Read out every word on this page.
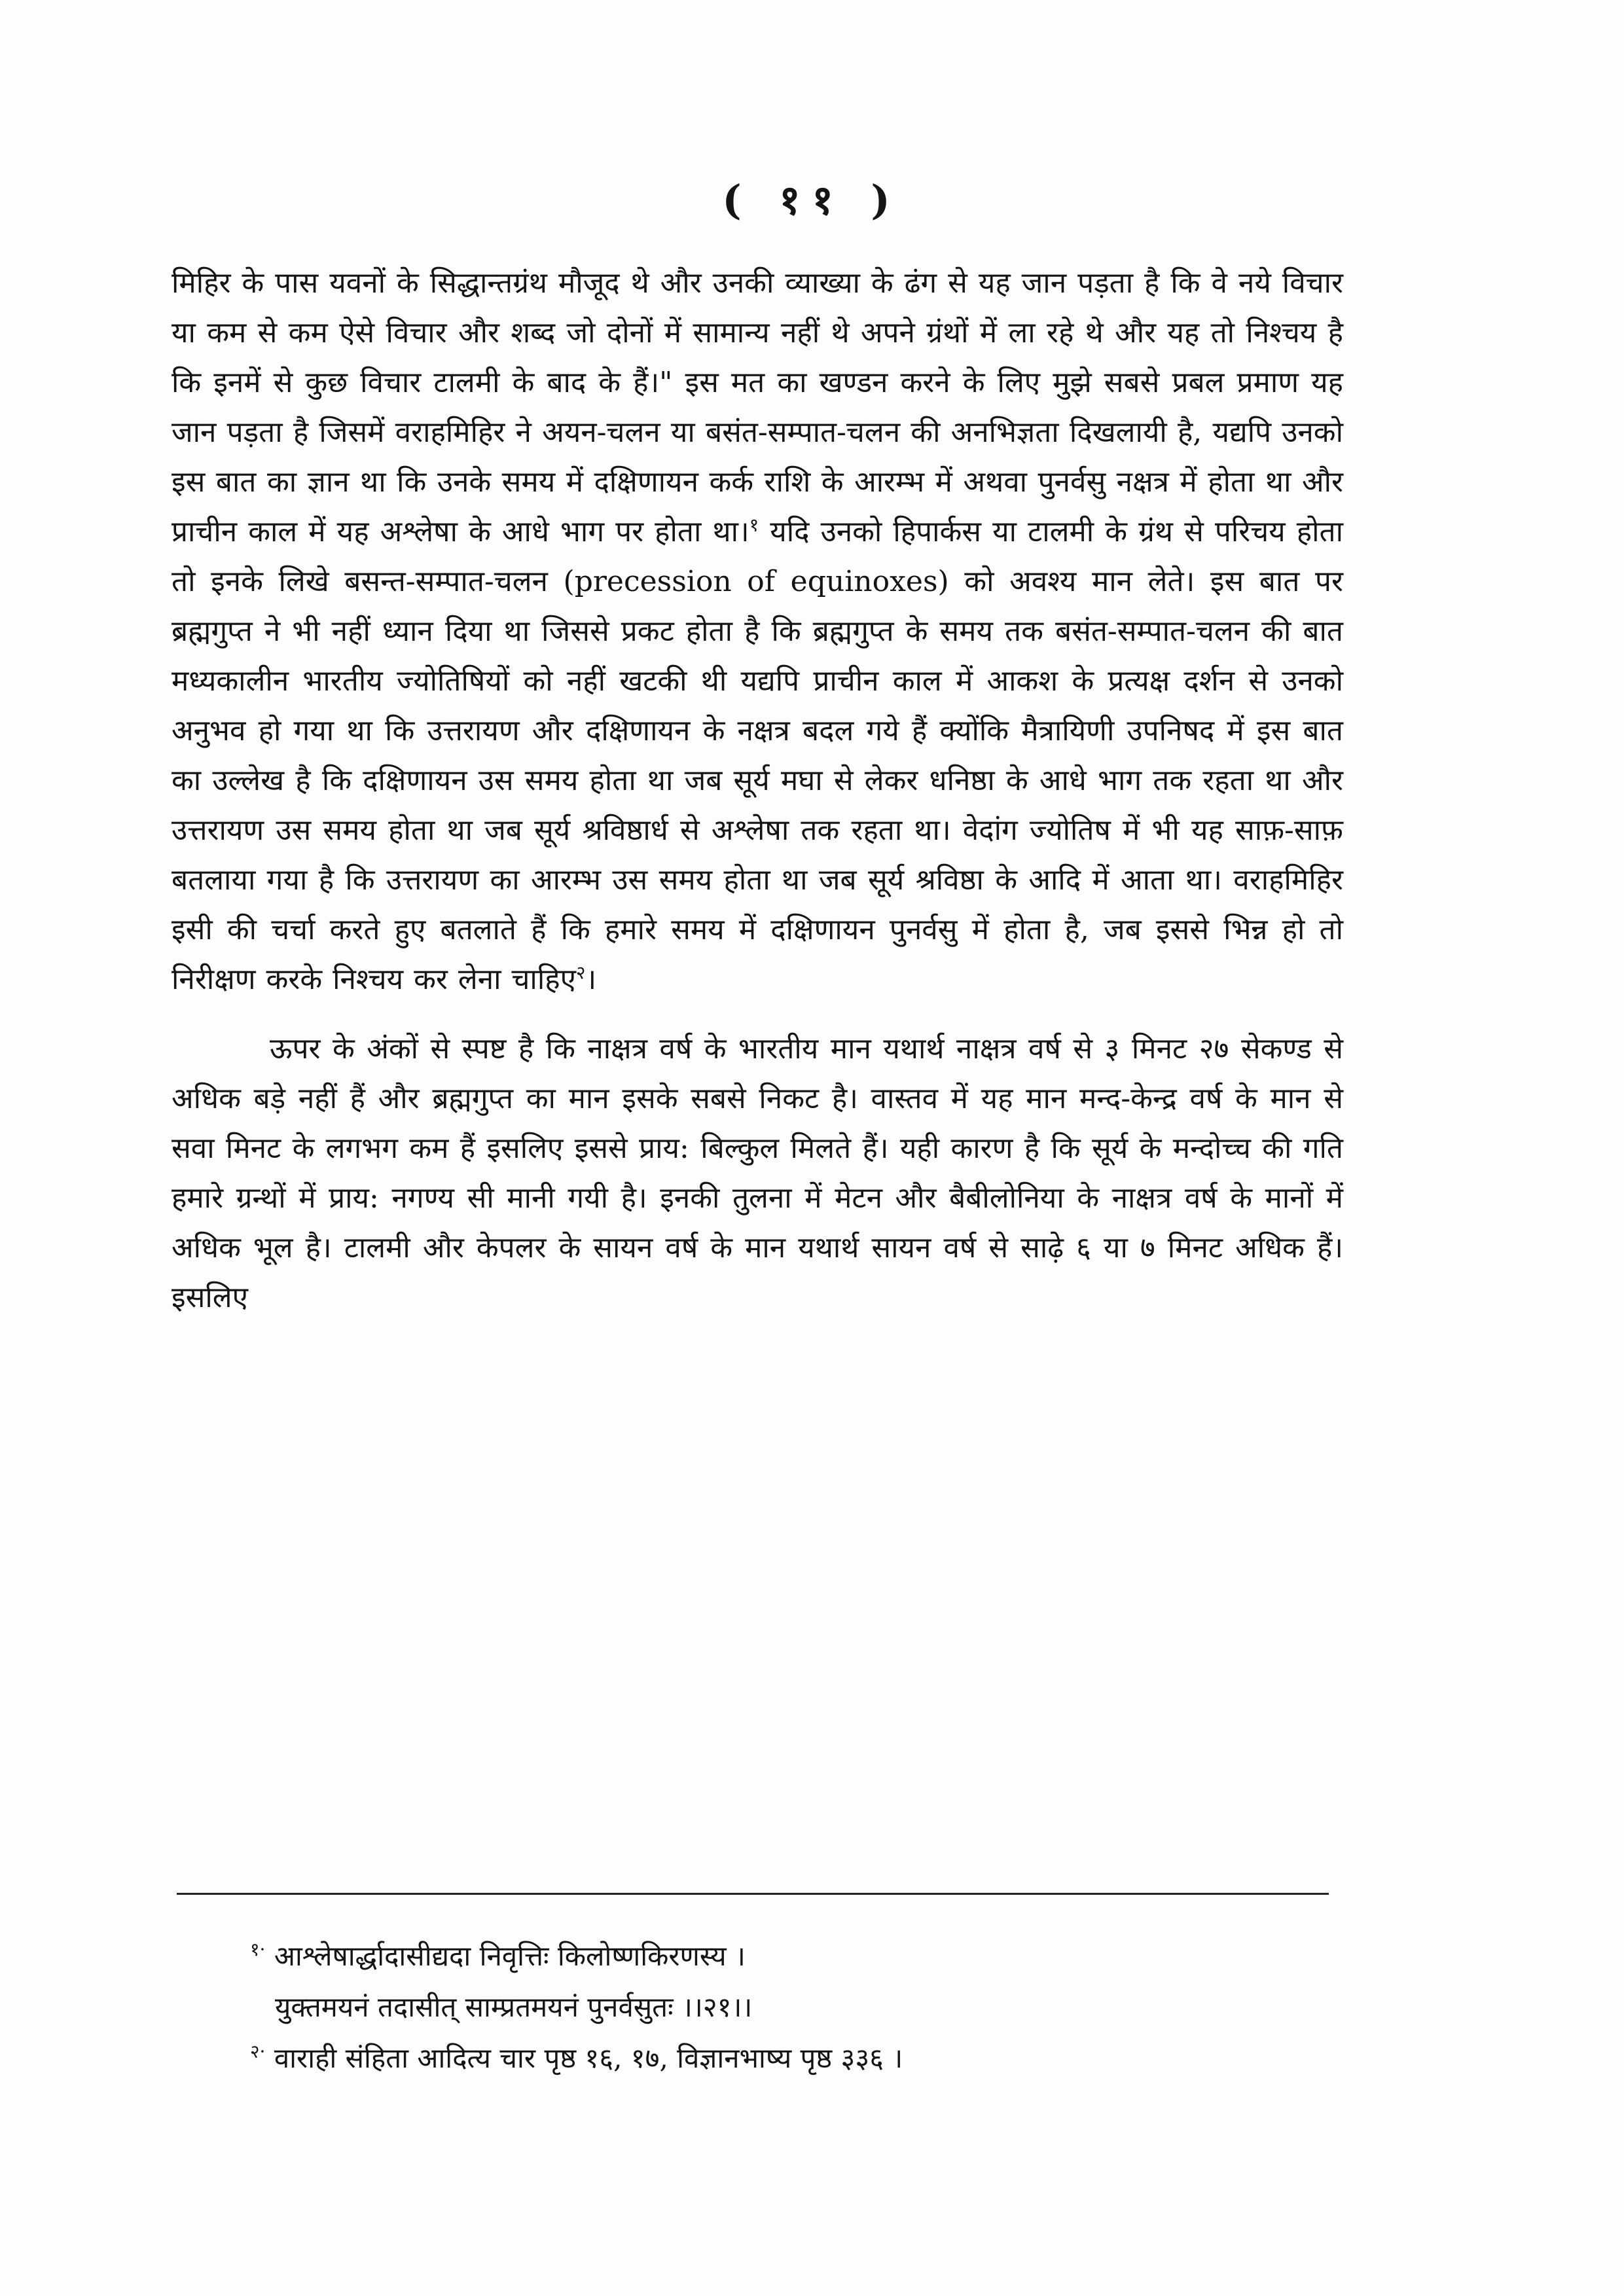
( ११ )

मिहिर के पास यवनों के सिद्धान्तग्रंथ मौजूद थे और उनकी व्याख्या के ढंग से यह जान पड़ता है कि वे नये विचार या कम से कम ऐसे विचार और शब्द जो दोनों में सामान्य नहीं थे अपने ग्रंथों में ला रहे थे और यह तो निश्चय है कि इनमें से कुछ विचार टालमी के बाद के हैं।" इस मत का खण्डन करने के लिए मुझे सबसे प्रबल प्रमाण यह जान पड़ता है जिसमें वराहमिहिर ने अयन-चलन या बसंत-सम्पात-चलन की अनभिज्ञता दिखलायी है, यद्यपि उनको इस बात का ज्ञान था कि उनके समय में दक्षिणायन कर्क राशि के आरम्भ में अथवा पुनर्वसु नक्षत्र में होता था और प्राचीन काल में यह अश्लेषा के आधे भाग पर होता था।$^१$ यदि उनको हिपार्कस या टालमी के ग्रंथ से परिचय होता तो इनके लिखे बसन्त-सम्पात-चलन (precession of equinoxes) को अवश्य मान लेते। इस बात पर ब्रह्मगुप्त ने भी नहीं ध्यान दिया था जिससे प्रकट होता है कि ब्रह्मगुप्त के समय तक बसंत-सम्पात-चलन की बात मध्यकालीन भारतीय ज्योतिषियों को नहीं खटकी थी यद्यपि प्राचीन काल में आकश के प्रत्यक्ष दर्शन से उनको अनुभव हो गया था कि उत्तरायण और दक्षिणायन के नक्षत्र बदल गये हैं क्योंकि मैत्रायिणी उपनिषद में इस बात का उल्लेख है कि दक्षिणायन उस समय होता था जब सूर्य मघा से लेकर धनिष्ठा के आधे भाग तक रहता था और उत्तरायण उस समय होता था जब सूर्य श्रविष्ठार्ध से अश्लेषा तक रहता था। वेदांग ज्योतिष में भी यह साफ़-साफ़ बतलाया गया है कि उत्तरायण का आरम्भ उस समय होता था जब सूर्य श्रविष्ठा के आदि में आता था। वराहमिहिर इसी की चर्चा करते हुए बतलाते हैं कि हमारे समय में दक्षिणायन पुनर्वसु में होता है, जब इससे भिन्न हो तो निरीक्षण करके निश्चय कर लेना चाहिए$^२$।

ऊपर के अंकों से स्पष्ट है कि नाक्षत्र वर्ष के भारतीय मान यथार्थ नाक्षत्र वर्ष से ३ मिनट २७ सेकण्ड से अधिक बड़े नहीं हैं और ब्रह्मगुप्त का मान इसके सबसे निकट है। वास्तव में यह मान मन्द-केन्द्र वर्ष के मान से सवा मिनट के लगभग कम हैं इसलिए इससे प्राय: बिल्कुल मिलते हैं। यही कारण है कि सूर्य के मन्दोच्च की गति हमारे ग्रन्थों में प्राय: नगण्य सी मानी गयी है। इनकी तुलना में मेटन और बैबीलोनिया के नाक्षत्र वर्ष के मानों में अधिक भूल है। टालमी और केपलर के सायन वर्ष के मान यथार्थ सायन वर्ष से साढ़े ६ या ७ मिनट अधिक हैं। इसलिए

$^{१\cdot}$ आश्लेषार्द्धादासीद्यदा निवृत्तिः किलोष्णकिरणस्य ।

युक्तमयनं तदासीत् साम्प्रतमयनं पुनर्वसुतः ।।२१।।

$^{२\cdot}$ वाराही संहिता आदित्य चार पृष्ठ १६, १७, विज्ञानभाष्य पृष्ठ ३३६ ।
